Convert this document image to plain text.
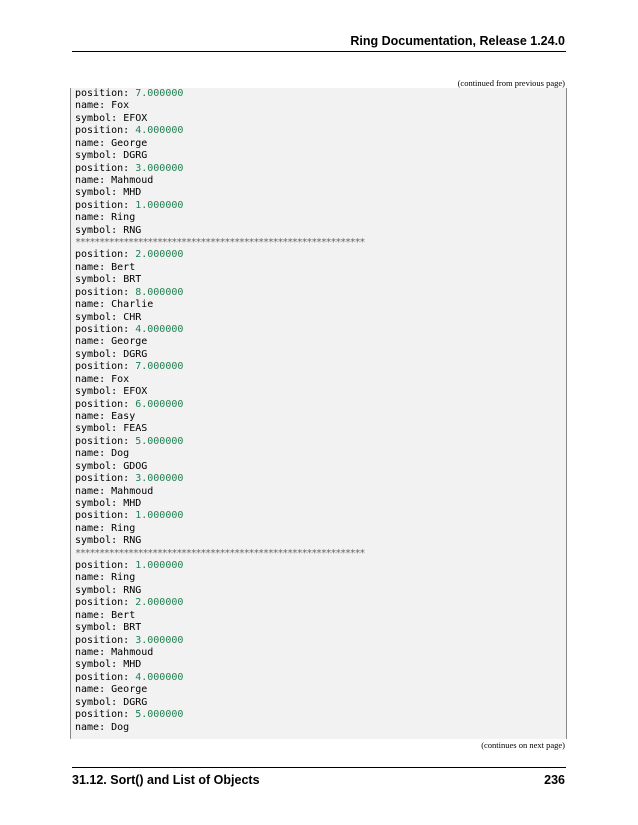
Ring Documentation, Release 1.24.0
(continued from previous page)
position: 7.000000
name: Fox
symbol: EFOX
position: 4.000000
name: George
symbol: DGRG
position: 3.000000
name: Mahmoud
symbol: MHD
position: 1.000000
name: Ring
symbol: RNG
************************************************************
position: 2.000000
name: Bert
symbol: BRT
position: 8.000000
name: Charlie
symbol: CHR
position: 4.000000
name: George
symbol: DGRG
position: 7.000000
name: Fox
symbol: EFOX
position: 6.000000
name: Easy
symbol: FEAS
position: 5.000000
name: Dog
symbol: GDOG
position: 3.000000
name: Mahmoud
symbol: MHD
position: 1.000000
name: Ring
symbol: RNG
************************************************************
position: 1.000000
name: Ring
symbol: RNG
position: 2.000000
name: Bert
symbol: BRT
position: 3.000000
name: Mahmoud
symbol: MHD
position: 4.000000
name: George
symbol: DGRG
position: 5.000000
name: Dog
(continues on next page)
31.12. Sort() and List of Objects	236
